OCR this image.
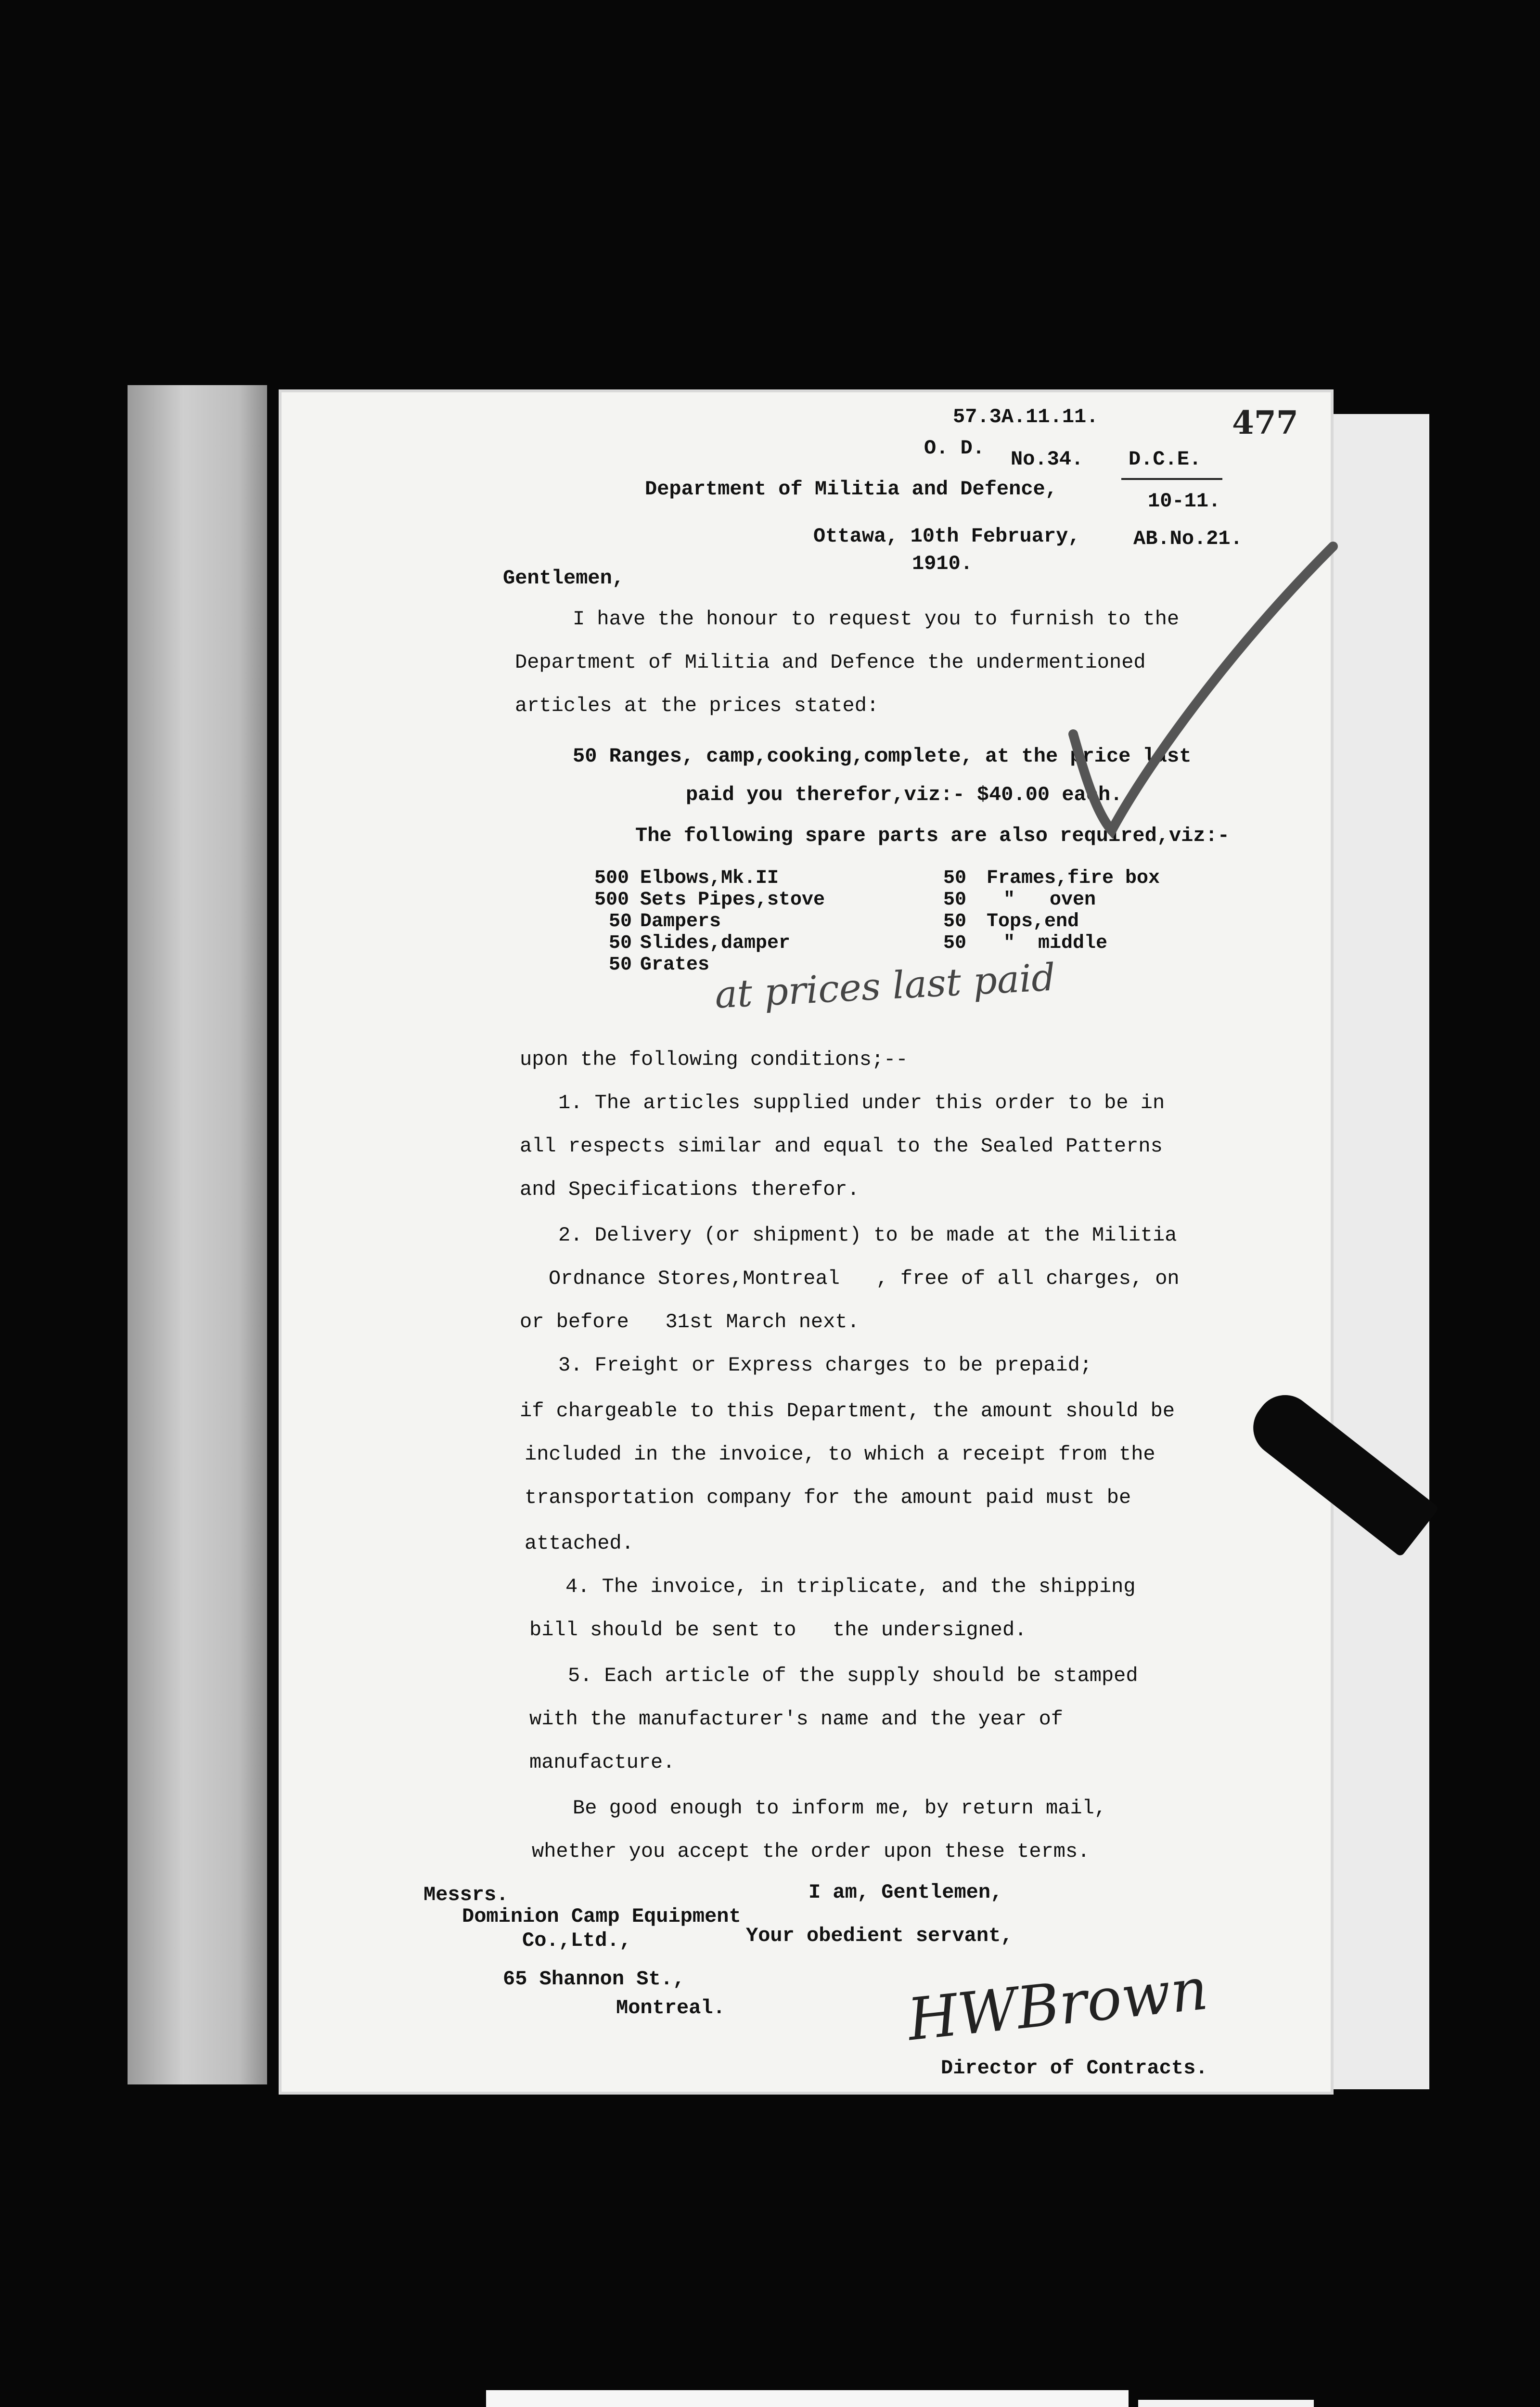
57.3A.11.11.
O. D. No.34.
477
D.C.E.
Department of Militia and Defence,
10-11.
Ottawa, 10th February,	AB.No.21.
1910.
Gentlemen,
I have the honour to request you to furnish to the
Department of Militia and Defence the undermentioned
articles at the prices stated:
50 Ranges, camp,cooking,complete, at the price last
paid you therefor,viz:- $40.00 each.
The following spare parts are also required,viz:-
500 Elbows,Mk.II
500 Sets Pipes,stove
50 Dampers
50 Slides,damper
50 Grates
50 Frames,fire box
50 "   oven
50 Tops,end
50 "  middle
at prices last paid
upon the following conditions;--
1. The articles supplied under this order to be in
all respects similar and equal to the Sealed Patterns
and Specifications therefor.
2. Delivery (or shipment) to be made at the Militia
Ordnance Stores,Montreal   , free of all charges, on
or before   31st March next.
3. Freight or Express charges to be prepaid;
if chargeable to this Department, the amount should be
included in the invoice, to which a receipt from the
transportation company for the amount paid must be
attached.
4. The invoice, in triplicate, and the shipping
bill should be sent to   the undersigned.
5. Each article of the supply should be stamped
with the manufacturer's name and the year of
manufacture.
Be good enough to inform me, by return mail,
whether you accept the order upon these terms.
I am, Gentlemen,
Your obedient servant,
Messrs.
Dominion Camp Equipment
Co.,Ltd.,
65 Shannon St.,
Montreal.	HWBrown
Director of Contracts.
